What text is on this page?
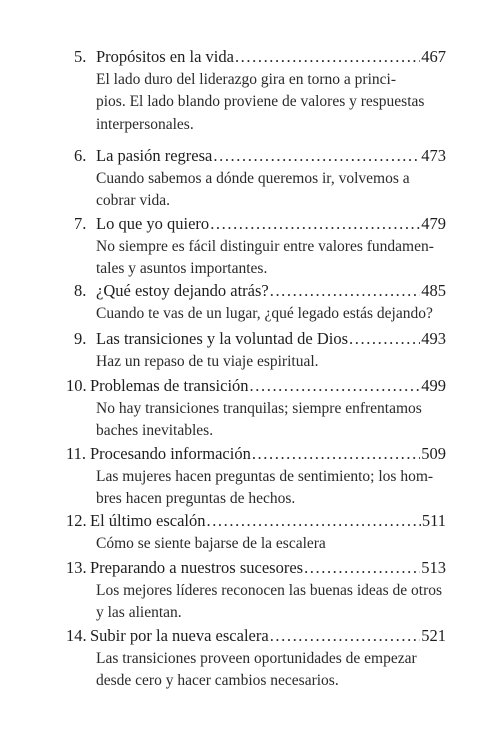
5. Propósitos en la vida .....	467
El lado duro del liderazgo gira en torno a princi-
pios. El lado blando proviene de valores y respuestas
interpersonales.
6. La pasión regresa .....	473
Cuando sabemos a dónde queremos ir, volvemos a
cobrar vida.
7. Lo que yo quiero .....	479
No siempre es fácil distinguir entre valores fundamen-
tales y asuntos importantes.
8. ¿Qué estoy dejando atrás? .....	485
Cuando te vas de un lugar, ¿qué legado estás dejando?
9. Las transiciones y la voluntad de Dios .....	493
Haz un repaso de tu viaje espiritual.
10. Problemas de transición .....	499
No hay transiciones tranquilas; siempre enfrentamos
baches inevitables.
11. Procesando información .....	509
Las mujeres hacen preguntas de sentimiento; los hom-
bres hacen preguntas de hechos.
12. El último escalón .....	511
Cómo se siente bajarse de la escalera
13. Preparando a nuestros sucesores .....	513
Los mejores líderes reconocen las buenas ideas de otros
y las alientan.
14. Subir por la nueva escalera .....	521
Las transiciones proveen oportunidades de empezar
desde cero y hacer cambios necesarios.
